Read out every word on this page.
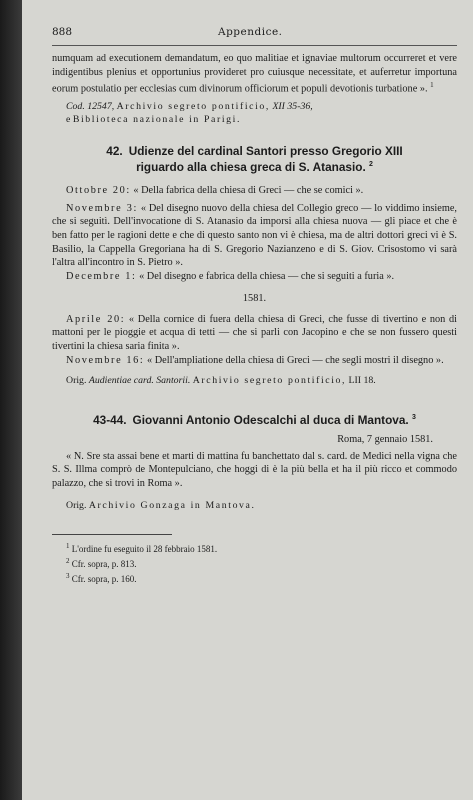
888	Appendice.

numquam ad executionem demandatum, eo quo malitiae et ignaviae multorum occurreret et vere indigentibus plenius et opportunius provideret pro cuiusque necessitate, et auferretur importuna eorum postulatio per ecclesias cum divinorum officiorum et populi devotionis turbatione ». $^1$

Cod. 12547, Archivio segreto pontificio, XII 35-36,

e Biblioteca nazionale in Parigi.

42. Udienze del cardinal Santori presso Gregorio XIII
riguardo alla chiesa greca di S. Atanasio. $^2$

Ottobre 20: « Della fabrica della chiesa di Greci — che se comici ».

Novembre 3: « Del disegno nuovo della chiesa del Collegio greco — lo viddimo insieme, che si seguitì. Dell'invocatione di S. Atanasio da imporsi alla chiesa nuova — gli piace et che è ben fatto per le ragioni dette e che di questo santo non vi è chiesa, ma de altri dottori greci vi è S. Basilio, la Cappella Gregoriana ha di S. Gregorio Nazianzeno e di S. Giov. Crisostomo vi sarà l'altra all'incontro in S. Pietro ».

Decembre 1: « Del disegno e fabrica della chiesa — che si seguiti a furia ».

1581.

Aprile 20: « Della cornice di fuera della chiesa di Greci, che fusse di tivertino e non di mattoni per le pioggie et acqua di tetti — che si parli con Jacopino e che se non fussero questi tivertini la chiesa saria finita ».

Novembre 16: « Dell'ampliatione della chiesa di Greci — che segli mostri il disegno ».

Orig. Audientiae card. Santorii. Archivio segreto pontificio, LII 18.

43-44. Giovanni Antonio Odescalchi al duca di Mantova. $^3$

Roma, 7 gennaio 1581.

« N. Sre sta assai bene et marti di mattina fu banchettato dal s. card. de Medici nella vigna che S. S. Illma comprò de Montepulciano, che hoggi di è la più bella et ha il più ricco et commodo palazzo, che si trovi in Roma ».

Orig. Archivio Gonzaga in Mantova.

$^1$ L'ordine fu eseguito il 28 febbraio 1581.

$^2$ Cfr. sopra, p. 813.

$^3$ Cfr. sopra, p. 160.
